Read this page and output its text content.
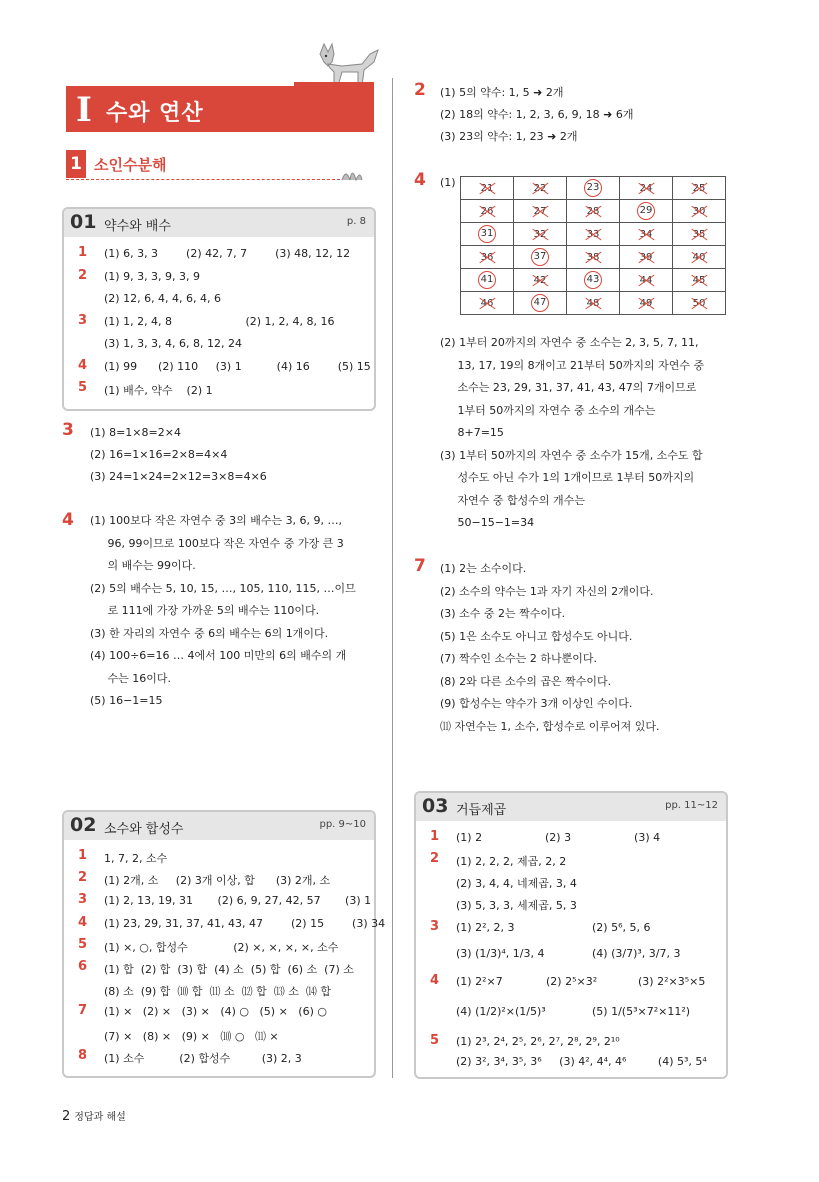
I 수와 연산
1 소인수분해
01 약수와 배수	p. 8
1 (1) 6, 3, 3        (2) 42, 7, 7        (3) 48, 12, 12
2 (1) 9, 3, 3, 9, 3, 9
(2) 12, 6, 4, 4, 6, 4, 6
3 (1) 1, 2, 4, 8                     (2) 1, 2, 4, 8, 16
(3) 1, 3, 3, 4, 6, 8, 12, 24
4 (1) 99      (2) 110     (3) 1          (4) 16        (5) 15
5 (1) 배수, 약수    (2) 1
3 (1) 8=1×8=2×4
(2) 16=1×16=2×8=4×4
(3) 24=1×24=2×12=3×8=4×6
4 (1) 100보다 작은 자연수 중 3의 배수는 3, 6, 9, …,
96, 99이므로 100보다 작은 자연수 중 가장 큰 3
의 배수는 99이다.
(2) 5의 배수는 5, 10, 15, …, 105, 110, 115, …이므
로 111에 가장 가까운 5의 배수는 110이다.
(3) 한 자리의 자연수 중 6의 배수는 6의 1개이다.
(4) 100÷6=16 … 4에서 100 미만의 6의 배수의 개
수는 16이다.
(5) 16−1=15
02 소수와 합성수	pp. 9~10
1 1, 7, 2, 소수
2 (1) 2개, 소     (2) 3개 이상, 합      (3) 2개, 소
3 (1) 2, 13, 19, 31       (2) 6, 9, 27, 42, 57       (3) 1
4 (1) 23, 29, 31, 37, 41, 43, 47        (2) 15        (3) 34
5 (1) ×, ○, 합성수             (2) ×, ×, ×, ×, 소수
6 (1) 합  (2) 합  (3) 합  (4) 소  (5) 합  (6) 소  (7) 소
(8) 소  (9) 합  ⑽ 합  ⑾ 소  ⑿ 합  ⒀ 소  ⒁ 합
7 (1) ×   (2) ×   (3) ×   (4) ○   (5) ×   (6) ○
(7) ×   (8) ×   (9) ×   ⑽ ○   ⑾ ×
8 (1) 소수          (2) 합성수         (3) 2, 3
2 (1) 5의 약수: 1, 5 ➜ 2개
(2) 18의 약수: 1, 2, 3, 6, 9, 18 ➜ 6개
(3) 23의 약수: 1, 23 ➜ 2개
4 (1)	21	22	23	24	25
26	27	28	29	30
31	32	33	34	35
36	37	38	39	40
41	42	43	44	45
46	47	48	49	50
(2) 1부터 20까지의 자연수 중 소수는 2, 3, 5, 7, 11,
13, 17, 19의 8개이고 21부터 50까지의 자연수 중
소수는 23, 29, 31, 37, 41, 43, 47의 7개이므로
1부터 50까지의 자연수 중 소수의 개수는
8+7=15
(3) 1부터 50까지의 자연수 중 소수가 15개, 소수도 합
성수도 아닌 수가 1의 1개이므로 1부터 50까지의
자연수 중 합성수의 개수는
50−15−1=34
7 (1) 2는 소수이다.
(2) 소수의 약수는 1과 자기 자신의 2개이다.
(3) 소수 중 2는 짝수이다.
(5) 1은 소수도 아니고 합성수도 아니다.
(7) 짝수인 소수는 2 하나뿐이다.
(8) 2와 다른 소수의 곱은 짝수이다.
(9) 합성수는 약수가 3개 이상인 수이다.
⑾ 자연수는 1, 소수, 합성수로 이루어져 있다.
03 거듭제곱	pp. 11~12
1 (1) 2                  (2) 3                  (3) 4
2 (1) 2, 2, 2, 제곱, 2, 2
(2) 3, 4, 4, 네제곱, 3, 4
(3) 5, 3, 3, 세제곱, 5, 3
3 (1) 2², 2, 3	(2) 5⁶, 5, 6
(3) (1/3)⁴, 1/3, 4	(4) (3/7)³, 3/7, 3
4 (1) 2²×7	(2) 2⁵×3²	(3) 2²×3⁵×5
(4) (1/2)²×(1/5)³	(5) 1/(5³×7²×11²)
5 (1) 2³, 2⁴, 2⁵, 2⁶, 2⁷, 2⁸, 2⁹, 2¹⁰
(2) 3², 3⁴, 3⁵, 3⁶     (3) 4², 4⁴, 4⁶         (4) 5³, 5⁴
2 정답과 해설
